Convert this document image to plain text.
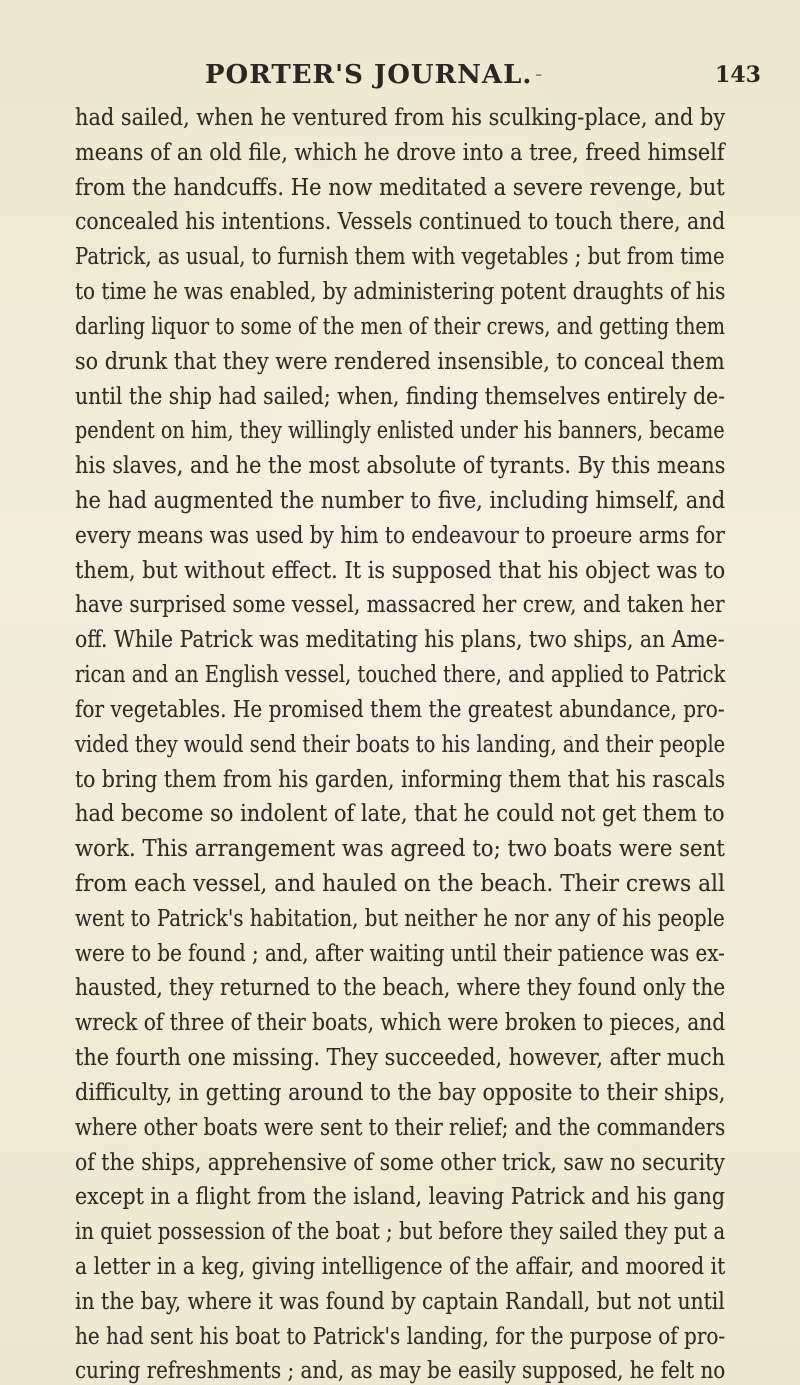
PORTER'S JOURNAL. -	143
had sailed, when he ventured from his sculking-place, and by
means of an old file, which he drove into a tree, freed himself
from the handcuffs. He now meditated a severe revenge, but
concealed his intentions. Vessels continued to touch there, and
Patrick, as usual, to furnish them with vegetables ; but from time
to time he was enabled, by administering potent draughts of his
darling liquor to some of the men of their crews, and getting them
so drunk that they were rendered insensible, to conceal them
until the ship had sailed; when, finding themselves entirely de-
pendent on him, they willingly enlisted under his banners, became
his slaves, and he the most absolute of tyrants. By this means
he had augmented the number to five, including himself, and
every means was used by him to endeavour to proeure arms for
them, but without effect. It is supposed that his object was to
have surprised some vessel, massacred her crew, and taken her
off. While Patrick was meditating his plans, two ships, an Ame-
rican and an English vessel, touched there, and applied to Patrick
for vegetables. He promised them the greatest abundance, pro-
vided they would send their boats to his landing, and their people
to bring them from his garden, informing them that his rascals
had become so indolent of late, that he could not get them to
work. This arrangement was agreed to; two boats were sent
from each vessel, and hauled on the beach. Their crews all
went to Patrick's habitation, but neither he nor any of his people
were to be found ; and, after waiting until their patience was ex-
hausted, they returned to the beach, where they found only the
wreck of three of their boats, which were broken to pieces, and
the fourth one missing. They succeeded, however, after much
difficulty, in getting around to the bay opposite to their ships,
where other boats were sent to their relief; and the commanders
of the ships, apprehensive of some other trick, saw no security
except in a flight from the island, leaving Patrick and his gang
in quiet possession of the boat ; but before they sailed they put a
a letter in a keg, giving intelligence of the affair, and moored it
in the bay, where it was found by captain Randall, but not until
he had sent his boat to Patrick's landing, for the purpose of pro-
curing refreshments ; and, as may be easily supposed, he felt no
